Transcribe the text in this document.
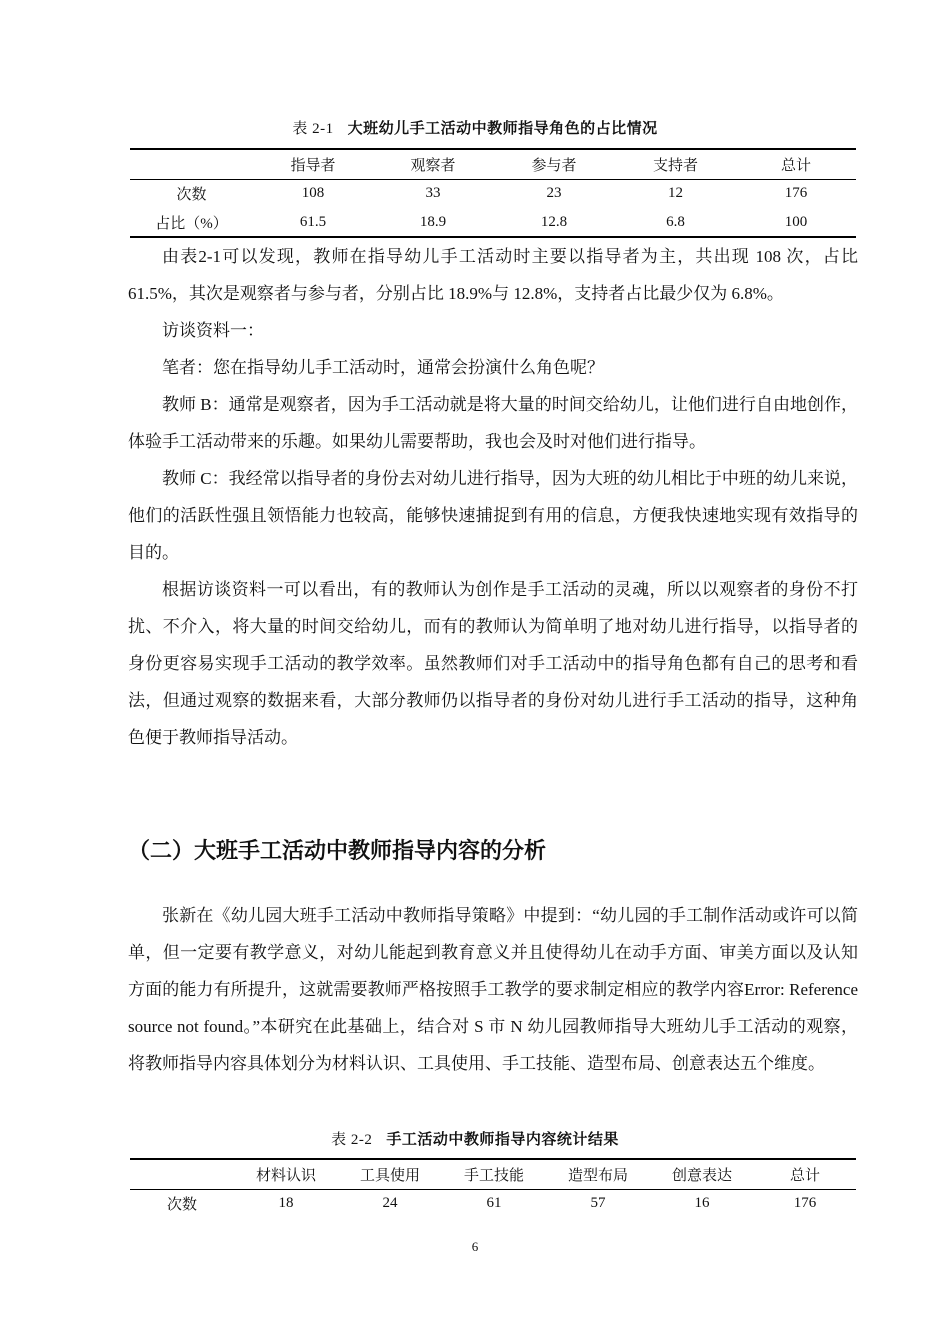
表 2-1 大班幼儿手工活动中教师指导角色的占比情况
	指导者	观察者	参与者	支持者	总计
次数	108	33	23	12	176
占比（%）	61.5	18.9	12.8	6.8	100

由表2-1可以发现，教师在指导幼儿手工活动时主要以指导者为主，共出现 108 次，占比 61.5%，其次是观察者与参与者，分别占比 18.9%与 12.8%，支持者占比最少仅为 6.8%。

访谈资料一：

笔者：您在指导幼儿手工活动时，通常会扮演什么角色呢？

教师 B：通常是观察者，因为手工活动就是将大量的时间交给幼儿，让他们进行自由地创作，体验手工活动带来的乐趣。如果幼儿需要帮助，我也会及时对他们进行指导。

教师 C：我经常以指导者的身份去对幼儿进行指导，因为大班的幼儿相比于中班的幼儿来说，他们的活跃性强且领悟能力也较高，能够快速捕捉到有用的信息，方便我快速地实现有效指导的目的。

根据访谈资料一可以看出，有的教师认为创作是手工活动的灵魂，所以以观察者的身份不打扰、不介入，将大量的时间交给幼儿，而有的教师认为简单明了地对幼儿进行指导，以指导者的身份更容易实现手工活动的教学效率。虽然教师们对手工活动中的指导角色都有自己的思考和看法，但通过观察的数据来看，大部分教师仍以指导者的身份对幼儿进行手工活动的指导，这种角色便于教师指导活动。

（二）大班手工活动中教师指导内容的分析

张新在《幼儿园大班手工活动中教师指导策略》中提到：“幼儿园的手工制作活动或许可以简单，但一定要有教学意义，对幼儿能起到教育意义并且使得幼儿在动手方面、审美方面以及认知方面的能力有所提升，这就需要教师严格按照手工教学的要求制定相应的教学内容Error: Reference source not found。”本研究在此基础上，结合对 S 市 N 幼儿园教师指导大班幼儿手工活动的观察，将教师指导内容具体划分为材料认识、工具使用、手工技能、造型布局、创意表达五个维度。

表 2-2 手工活动中教师指导内容统计结果
	材料认识	工具使用	手工技能	造型布局	创意表达	总计
次数	18	24	61	57	16	176
6
